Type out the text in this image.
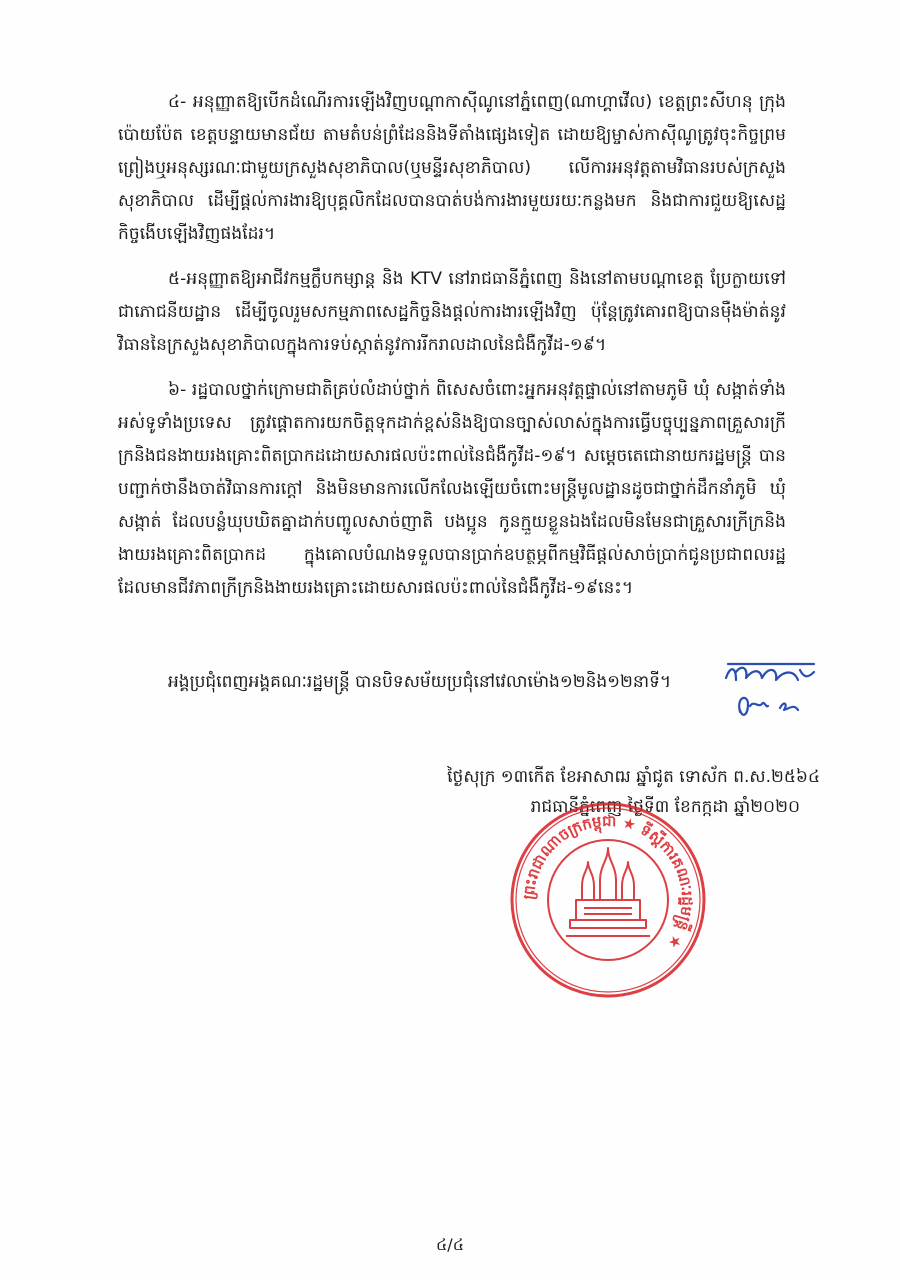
៤- អនុញ្ញាតឱ្យបើកដំណើរការឡើងវិញបណ្ដាកាស៊ីណូនៅភ្នំពេញ(ណាហ្គាវើល) ខេត្តព្រះសីហនុ ក្រុងប៉ោយប៉ែត ខេត្តបន្ទាយមានជ័យ តាមតំបន់ព្រំដែននិងទីតាំងផ្សេងទៀត ដោយឱ្យម្ចាស់កាស៊ីណូត្រូវចុះកិច្ចព្រមព្រៀងឬអនុស្សរណៈជាមួយក្រសួងសុខាភិបាល(ឬមន្ទីរសុខាភិបាល) លើការអនុវត្តតាមវិធានរបស់ក្រសួងសុខាភិបាល ដើម្បីផ្ដល់ការងារឱ្យបុគ្គលិកដែលបានបាត់បង់ការងារមួយរយៈកន្លងមក និងជាការជួយឱ្យសេដ្ឋកិច្ចងើបឡើងវិញផងដែរ។

៥-អនុញ្ញាតឱ្យអាជីវកម្មក្លឹបកម្សាន្ត និង KTV នៅរាជធានីភ្នំពេញ និងនៅតាមបណ្ដាខេត្ត ប្រែក្លាយទៅជាភោជនីយដ្ឋាន ដើម្បីចូលរួមសកម្មភាពសេដ្ឋកិច្ចនិងផ្ដល់ការងារឡើងវិញ ប៉ុន្តែត្រូវគោរពឱ្យបានម៉ឺងម៉ាត់នូវវិធាននៃក្រសួងសុខាភិបាលក្នុងការទប់ស្កាត់នូវការរីករាលដាលនៃជំងឺកូវីដ-១៩។

៦- រដ្ឋបាលថ្នាក់ក្រោមជាតិគ្រប់លំដាប់ថ្នាក់ ពិសេសចំពោះអ្នកអនុវត្តផ្ទាល់នៅតាមភូមិ ឃុំ សង្កាត់ទាំងអស់ទូទាំងប្រទេស ត្រូវផ្ដោតការយកចិត្តទុកដាក់ខ្ពស់និងឱ្យបានច្បាស់លាស់ក្នុងការធ្វើបច្ចុប្បន្នភាពគ្រួសារក្រីក្រនិងជនងាយរងគ្រោះពិតប្រាកដដោយសារផលប៉ះពាល់នៃជំងឺកូវីដ-១៩។ សម្តេចតេជោនាយករដ្ឋមន្ត្រី បានបញ្ជាក់ថានឹងចាត់វិធានការក្ដៅ និងមិនមានការលើកលែងឡើយចំពោះមន្ត្រីមូលដ្ឋានដូចជាថ្នាក់ដឹកនាំភូមិ ឃុំ សង្កាត់ ដែលបន្លំឃុបឃិតគ្នាដាក់បញ្ចូលសាច់ញាតិ បងប្អូន កូនក្មួយខ្លួនឯងដែលមិនមែនជាគ្រួសារក្រីក្រនិងងាយរងគ្រោះពិតប្រាកដ ក្នុងគោលបំណងទទួលបានប្រាក់ឧបត្ថម្ភពីកម្មវិធីផ្ដល់សាច់ប្រាក់ជូនប្រជាពលរដ្ឋដែលមានជីវភាពក្រីក្រនិងងាយរងគ្រោះដោយសារផលប៉ះពាល់នៃជំងឺកូវីដ-១៩នេះ។

អង្គប្រជុំពេញអង្គគណៈរដ្ឋមន្ត្រី បានបិទសម័យប្រជុំនៅវេលាម៉ោង១២និង១២នាទី។
ថ្ងៃសុក្រ ១៣កើត ខែអាសាឍ ឆ្នាំជូត ទោស័ក ព.ស.២៥៦៤
រាជធានីភ្នំពេញ ថ្ងៃទី៣ ខែកក្កដា ឆ្នាំ២០២០
ព្រះរាជាណាចក្រកម្ពុជា ★ ទីស្ដីការគណៈរដ្ឋមន្ត្រី ★
៤/៤
